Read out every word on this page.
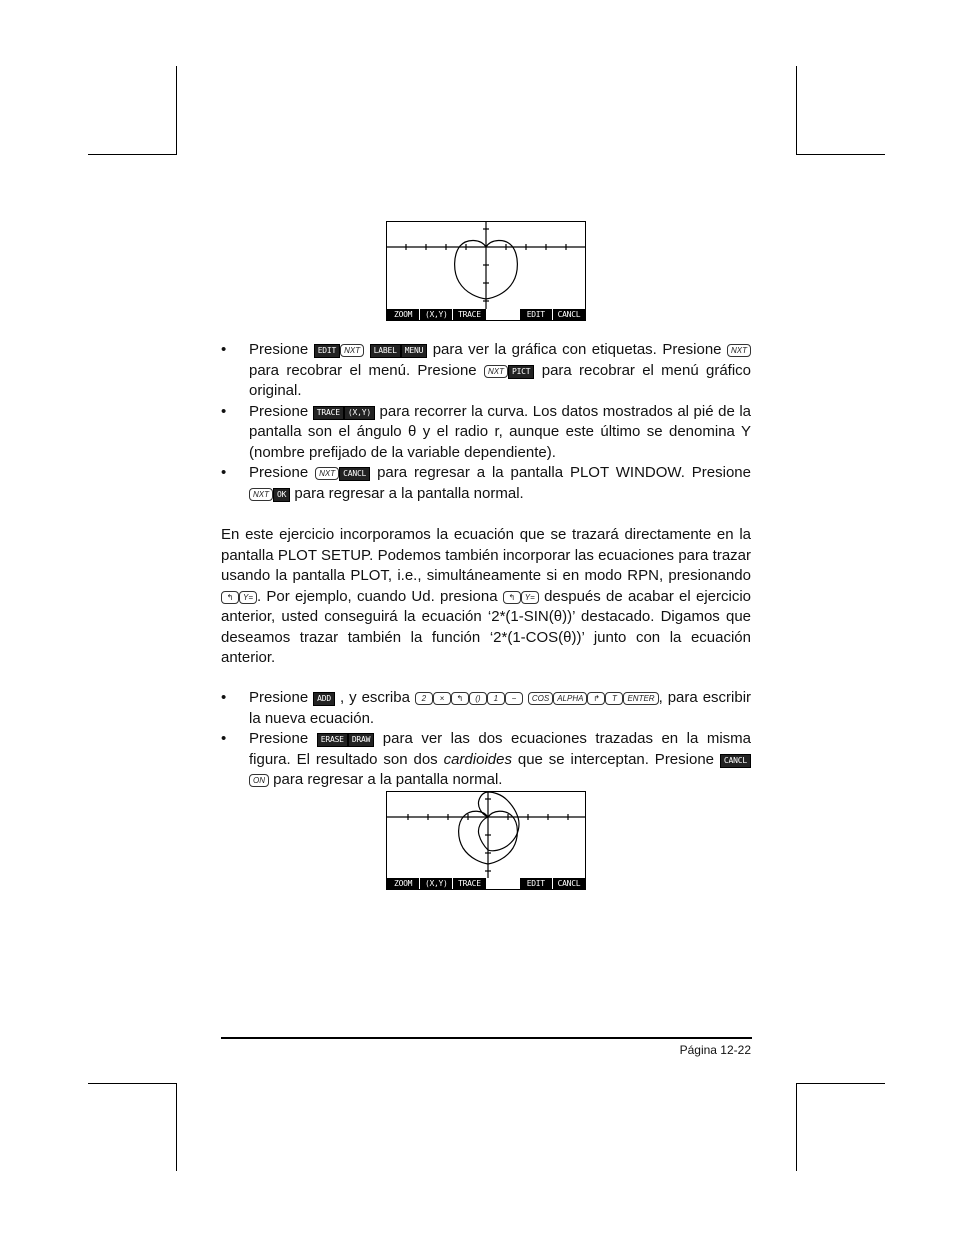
ZOOM	(X,Y)	TRACE	EDIT	CANCL
•	Presione EDIT NXT LABEL MENU para ver la gráfica con etiquetas. Presione NXT para recobrar el menú. Presione NXT PICT para recobrar el menú gráfico original.
•	Presione TRACE (X,Y) para recorrer la curva. Los datos mostrados al pié de la pantalla son el ángulo θ y el radio r, aunque este último se denomina Y (nombre prefijado de la variable dependiente).
•	Presione NXT CANCL para regresar a la pantalla PLOT WINDOW. Presione NXT OK para regresar a la pantalla normal.
En este ejercicio incorporamos la ecuación que se trazará directamente en la pantalla PLOT SETUP. Podemos también incorporar las ecuaciones para trazar usando la pantalla PLOT, i.e., simultáneamente si en modo RPN, presionando ↰ Y= . Por ejemplo, cuando Ud. presiona ↰ Y= después de acabar el ejercicio anterior, usted conseguirá la ecuación ‘2*(1-SIN(θ))’ destacado. Digamos que deseamos trazar también la función ‘2*(1-COS(θ))’ junto con la ecuación anterior.
•	Presione ADD , y escriba 2 × ↰ () 1 − COS ALPHA ↱ T ENTER , para escribir la nueva ecuación.
•	Presione ERASE DRAW para ver las dos ecuaciones trazadas en la misma figura. El resultado son dos cardioides que se interceptan. Presione CANCLON para regresar a la pantalla normal.
ZOOM	(X,Y)	TRACE	EDIT	CANCL
Página 12-22
